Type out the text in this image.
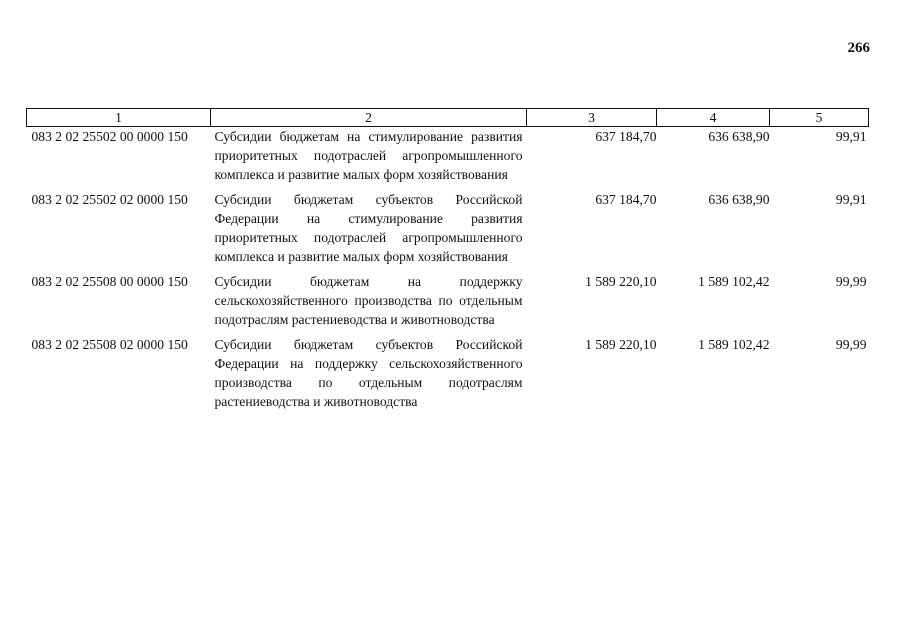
266
1	2	3	4	5
083 2 02 25502 00 0000 150	Субсидии бюджетам на стимулирование развития приоритетных подотраслей агропромышленного комплекса и развитие малых форм хозяйствования	637 184,70	636 638,90	99,91
083 2 02 25502 02 0000 150	Субсидии бюджетам субъектов Российской Федерации на стимулирование развития приоритетных подотраслей агропромышленного комплекса и развитие малых форм хозяйствования	637 184,70	636 638,90	99,91
083 2 02 25508 00 0000 150	Субсидии бюджетам на поддержку сельскохозяйственного производства по отдельным подотраслям растениеводства и животноводства	1 589 220,10	1 589 102,42	99,99
083 2 02 25508 02 0000 150	Субсидии бюджетам субъектов Российской Федерации на поддержку сельскохозяйственного производства по отдельным подотраслям растениеводства и животноводства	1 589 220,10	1 589 102,42	99,99
